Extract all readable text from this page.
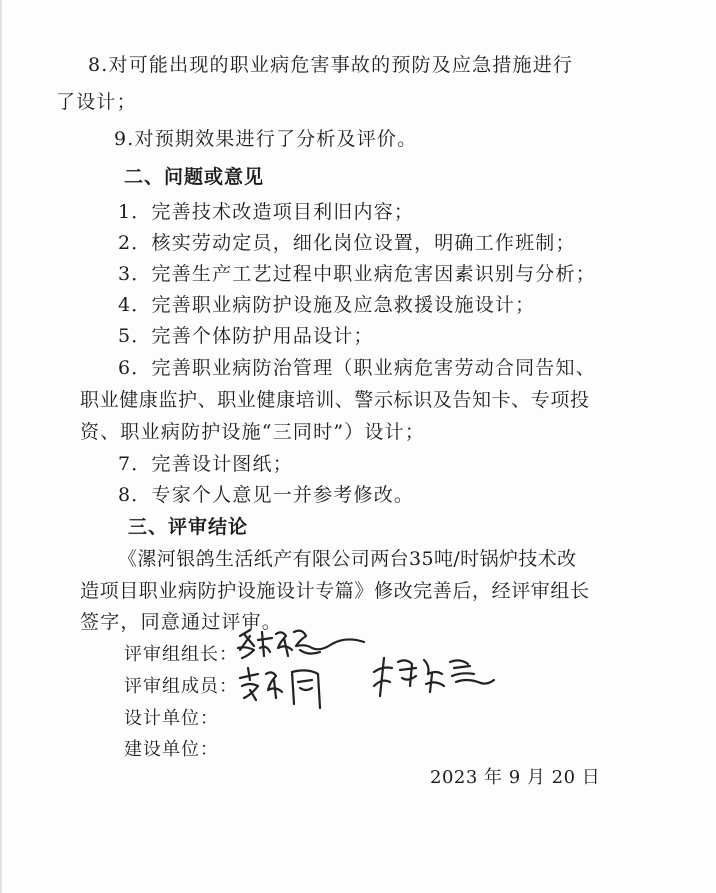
8.对可能出现的职业病危害事故的预防及应急措施进行
了设计；
9.对预期效果进行了分析及评价。
二、问题或意见
1．完善技术改造项目利旧内容；
2．核实劳动定员，细化岗位设置，明确工作班制；
3．完善生产工艺过程中职业病危害因素识别与分析；
4．完善职业病防护设施及应急救援设施设计；
5．完善个体防护用品设计；
6．完善职业病防治管理（职业病危害劳动合同告知、
职业健康监护、职业健康培训、警示标识及告知卡、专项投
资、职业病防护设施“三同时”）设计；
7．完善设计图纸；
8．专家个人意见一并参考修改。
三、评审结论
《漯河银鸽生活纸产有限公司两台35吨/时锅炉技术改
造项目职业病防护设施设计专篇》修改完善后，经评审组长
签字，同意通过评审。
评审组组长：
评审组成员：
设计单位：
建设单位：
2023 年 9 月 20 日
